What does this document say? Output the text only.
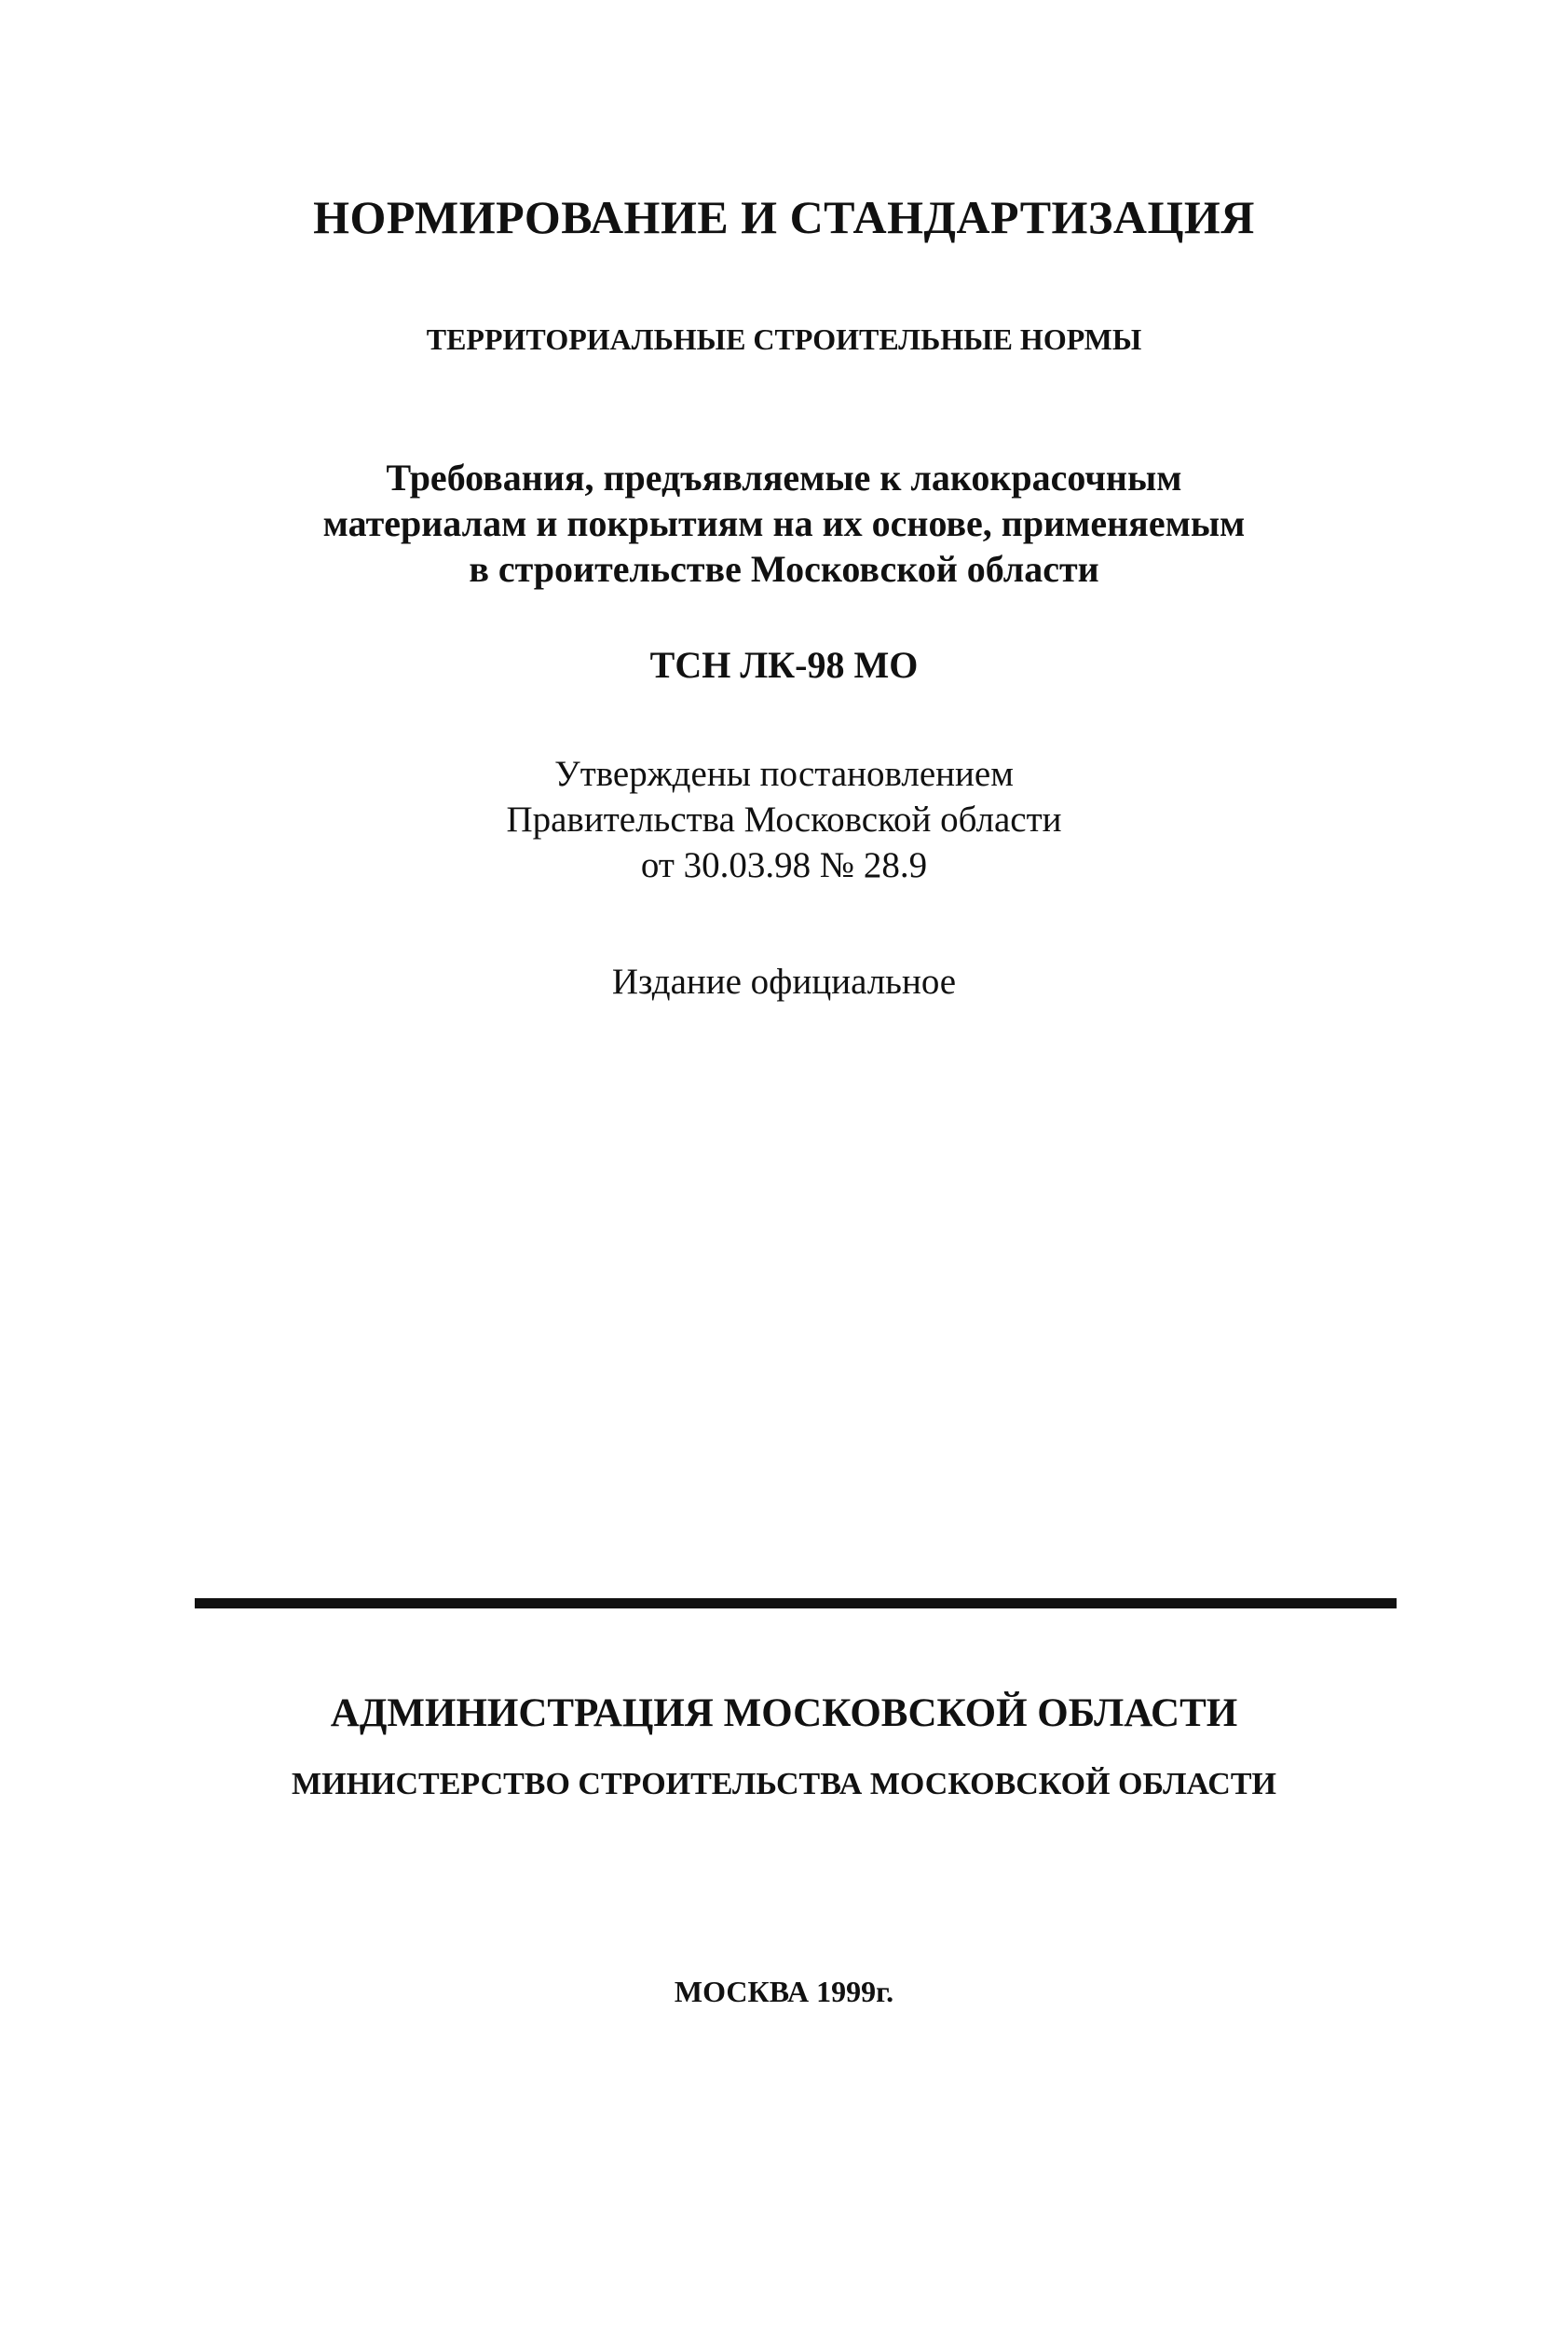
НОРМИРОВАНИЕ И СТАНДАРТИЗАЦИЯ
ТЕРРИТОРИАЛЬНЫЕ СТРОИТЕЛЬНЫЕ НОРМЫ
Требования, предъявляемые к лакокрасочным
материалам и покрытиям на их основе, применяемым
в строительстве Московской области
ТСН ЛК-98 МО
Утверждены постановлением
Правительства Московской области
от 30.03.98 № 28.9
Издание официальное
АДМИНИСТРАЦИЯ МОСКОВСКОЙ ОБЛАСТИ
МИНИСТЕРСТВО СТРОИТЕЛЬСТВА МОСКОВСКОЙ ОБЛАСТИ
МОСКВА 1999г.
